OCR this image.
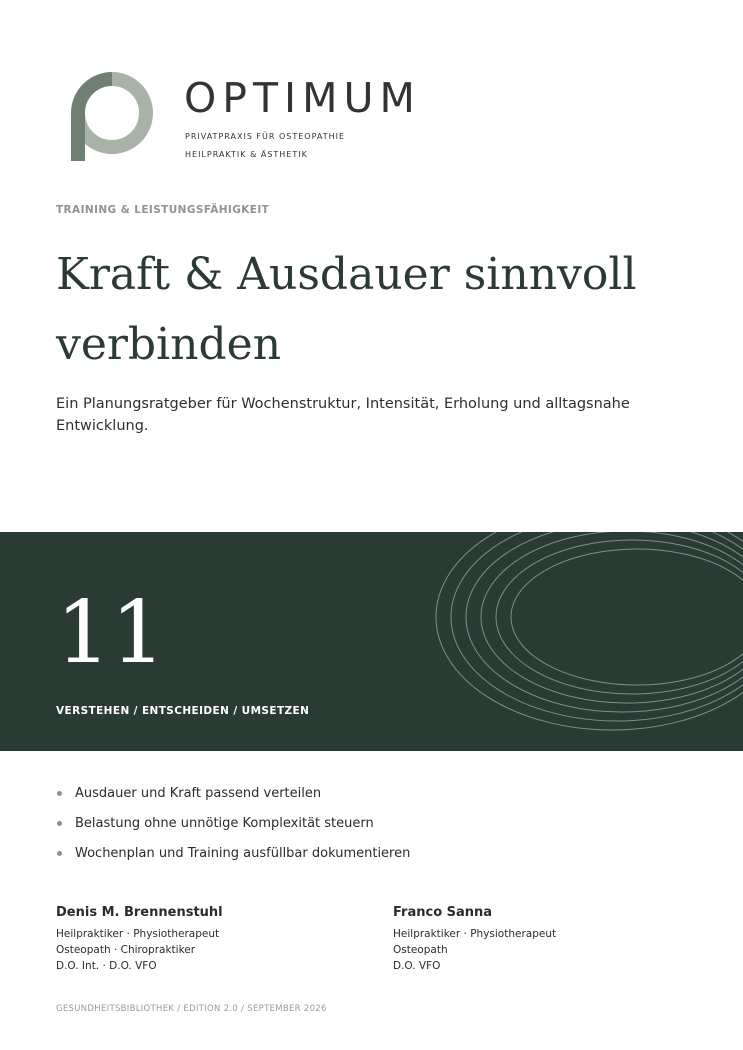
OPTIMUM

PRIVATPRAXIS FÜR OSTEOPATHIE

HEILPRAKTIK & ÄSTHETIK

TRAINING & LEISTUNGSFÄHIGKEIT

Kraft & Ausdauer sinnvoll verbinden

Ein Planungsratgeber für Wochenstruktur, Intensität, Erholung und alltagsnahe Entwicklung.

11

VERSTEHEN / ENTSCHEIDEN / UMSETZEN

Ausdauer und Kraft passend verteilen
Belastung ohne unnötige Komplexität steuern
Wochenplan und Training ausfüllbar dokumentieren

Denis M. Brennenstuhl

Heilpraktiker · Physiotherapeut

Osteopath · Chiropraktiker

D.O. Int. · D.O. VFO

Franco Sanna

Heilpraktiker · Physiotherapeut

Osteopath

D.O. VFO

GESUNDHEITSBIBLIOTHEK / EDITION 2.0 / SEPTEMBER 2026
